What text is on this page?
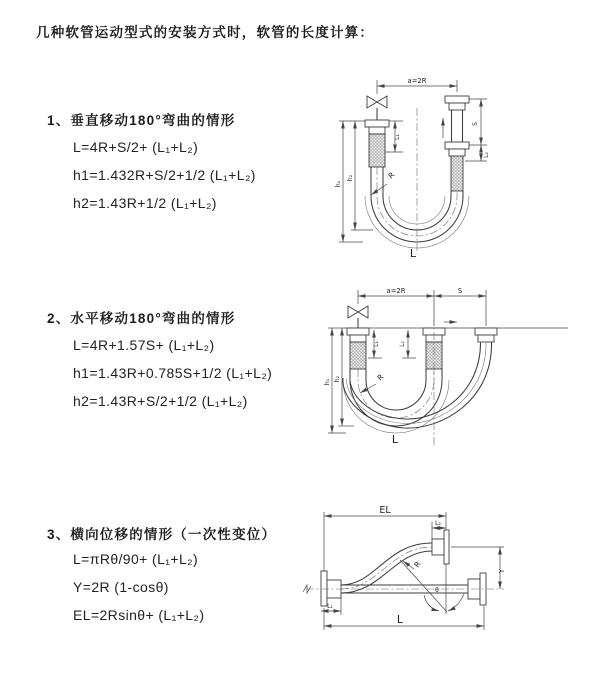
几种软管运动型式的安装方式时，软管的长度计算：
1、垂直移动180°弯曲的情形
L=4R+S/2+ (L₁+L₂)
h1=1.432R+S/2+1/2 (L₁+L₂)
h2=1.43R+1/2 (L₁+L₂)
2、水平移动180°弯曲的情形
L=4R+1.57S+ (L₁+L₂)
h1=1.43R+0.785S+1/2 (L₁+L₂)
h2=1.43R+S/2+1/2 (L₁+L₂)
3、横向位移的情形（一次性变位）
L=πRθ/90+ (L₁+L₂)
Y=2R (1-cosθ)
EL=2Rsinθ+ (L₁+L₂)
a=2R
h₁
h₂
L₁
R
L
S
L₂
a=2R	S
h₁ h₂
L₁	L₂
R
L
EL
L₂
Y
R
θ
L₁
L
